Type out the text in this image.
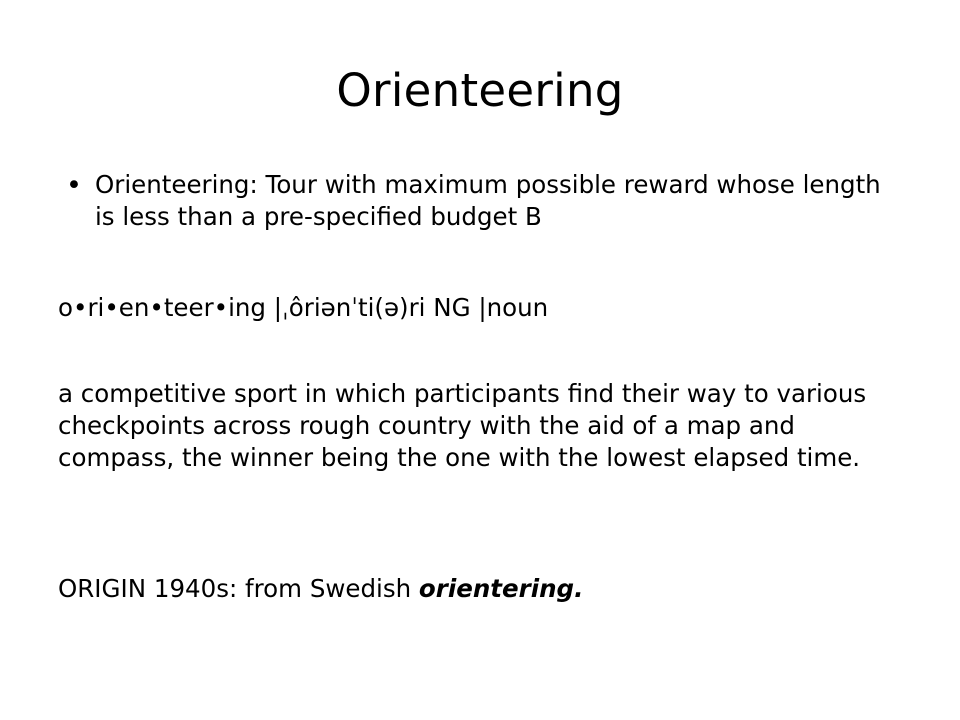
Orienteering
• Orienteering: Tour with maximum possible reward whose length is less than a pre-specified budget B
o•ri•en•teer•ing |ˌôriənˈti(ə)ri NG |noun
a competitive sport in which participants find their way to various checkpoints across rough country with the aid of a map and compass, the winner being the one with the lowest elapsed time.
ORIGIN 1940s: from Swedish orientering.
